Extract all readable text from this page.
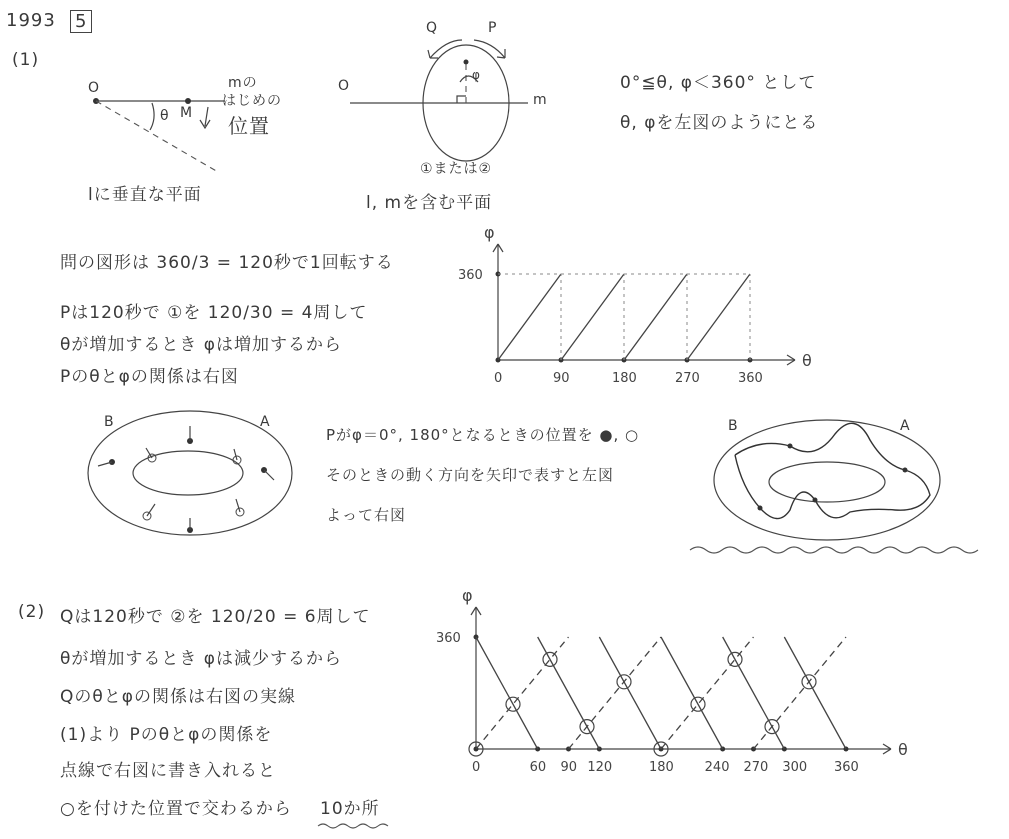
1993 5
(1)
θ
φ
0	90	180	270	360
360
θ
φ
0	60 90 120	180 240 270 300 360
360
O
θ M
mの
はじめの
位置
lに垂直な平面
O
m
Q	P
φ
①または②
l, mを含む平面
0°≦θ, φ＜360° として
θ, φを左図のようにとる
問の図形は 360/3 = 120秒で1回転する
Pは120秒で ①を 120/30 = 4周して
θが増加するとき φは増加するから
Pのθとφの関係は右図
B	A	B	A
Pがφ＝0°, 180°となるときの位置を ●, ○
そのときの動く方向を矢印で表すと左図
よって右図
(2) Qは120秒で ②を 120/20 = 6周して
θが増加するとき φは減少するから
Qのθとφの関係は右図の実線
(1)より Pのθとφの関係を
点線で右図に書き入れると
○を付けた位置で交わるから 10か所
